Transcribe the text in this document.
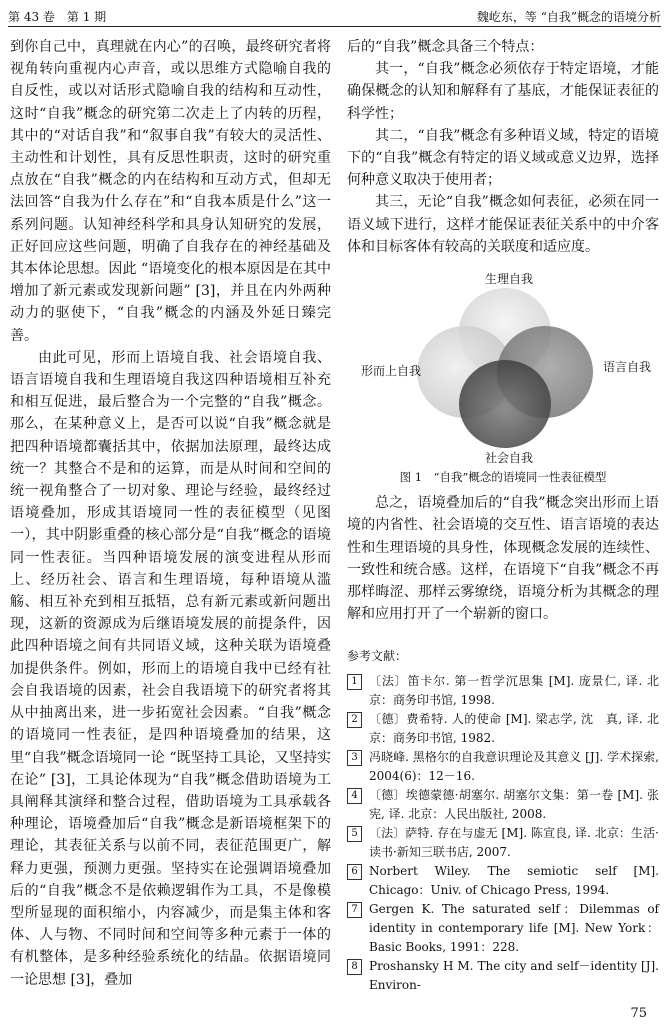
第 43 卷　第 1 期	魏屹东，等 “自我”概念的语境分析

到你自己中，真理就在内心”的召唤，最终研究者将视角转向重视内心声音，或以思维方式隐喻自我的自反性，或以对话形式隐喻自我的结构和互动性，这时“自我”概念的研究第二次走上了内转的历程，其中的“对话自我”和“叙事自我”有较大的灵活性、主动性和计划性，具有反思性职责，这时的研究重点放在“自我”概念的内在结构和互动方式，但却无法回答“自我为什么存在”和“自我本质是什么”这一系列问题。认知神经科学和具身认知研究的发展，正好回应这些问题，明确了自我存在的神经基础及其本体论思想。因此 “语境变化的根本原因是在其中增加了新元素或发现新问题” [3]，并且在内外两种动力的驱使下，“自我”概念的内涵及外延日臻完善。

由此可见，形而上语境自我、社会语境自我、语言语境自我和生理语境自我这四种语境相互补充和相互促进，最后整合为一个完整的“自我”概念。那么，在某种意义上，是否可以说“自我”概念就是把四种语境都囊括其中，依据加法原理，最终达成统一？其整合不是和的运算，而是从时间和空间的统一视角整合了一切对象、理论与经验，最终经过语境叠加，形成其语境同一性的表征模型（见图一），其中阴影重叠的核心部分是“自我”概念的语境同一性表征。当四种语境发展的演变进程从形而上、经历社会、语言和生理语境，每种语境从滥觞、相互补充到相互抵牾，总有新元素或新问题出现，这新的资源成为后继语境发展的前提条件，因此四种语境之间有共同语义域，这种关联为语境叠加提供条件。例如，形而上的语境自我中已经有社会自我语境的因素，社会自我语境下的研究者将其从中抽离出来，进一步拓宽社会因素。“自我”概念的语境同一性表征，是四种语境叠加的结果，这里“自我”概念语境同一论 “既坚持工具论，又坚持实在论” [3]，工具论体现为“自我”概念借助语境为工具阐释其演绎和整合过程，借助语境为工具承载各种理论，语境叠加后“自我”概念是新语境框架下的理论，其表征关系与以前不同，表征范围更广，解释力更强，预测力更强。坚持实在论强调语境叠加后的“自我”概念不是依赖逻辑作为工具，不是像模型所显现的面积缩小，内容减少，而是集主体和客体、人与物、不同时间和空间等多种元素于一体的有机整体，是多种经验系统化的结晶。依据语境同一论思想 [3]，叠加

后的“自我”概念具备三个特点：

其一，“自我”概念必须依存于特定语境，才能确保概念的认知和解释有了基底，才能保证表征的科学性；

其二，“自我”概念有多种语义域，特定的语境下的“自我”概念有特定的语义域或意义边界，选择何种意义取决于使用者；

其三，无论“自我”概念如何表征，必须在同一语义域下进行，这样才能保证表征关系中的中介客体和目标客体有较高的关联度和适应度。

生理自我
形而上自我	语言自我
社会自我
图 1　“自我”概念的语境同一性表征模型

总之，语境叠加后的“自我”概念突出形而上语境的内省性、社会语境的交互性、语言语境的表达性和生理语境的具身性，体现概念发展的连续性、一致性和统合感。这样，在语境下“自我”概念不再那样晦涩、那样云雾缭绕，语境分析为其概念的理解和应用打开了一个崭新的窗口。

参考文献：

1 〔法〕笛卡尔. 第一哲学沉思集 [M]. 庞景仁, 译. 北京：商务印书馆, 1998.

2 〔德〕费希特. 人的使命 [M]. 梁志学, 沈　真, 译. 北京：商务印书馆, 1982.

3 冯晓峰. 黑格尔的自我意识理论及其意义 [J]. 学术探索, 2004(6)：12－16.

4 〔德〕埃德蒙德·胡塞尔. 胡塞尔文集：第一卷 [M]. 张宪, 译. 北京：人民出版社, 2008.

5 〔法〕萨特. 存在与虚无 [M]. 陈宣良, 译. 北京：生活·读书·新知三联书店, 2007.

6 Norbert Wiley. The semiotic self [M]. Chicago：Univ. of Chicago Press, 1994.

7 Gergen K. The saturated self：Dilemmas of identity in contemporary life [M]. New York：Basic Books, 1991：228.

8 Proshansky H M. The city and self－identity [J]. Environ-

75
